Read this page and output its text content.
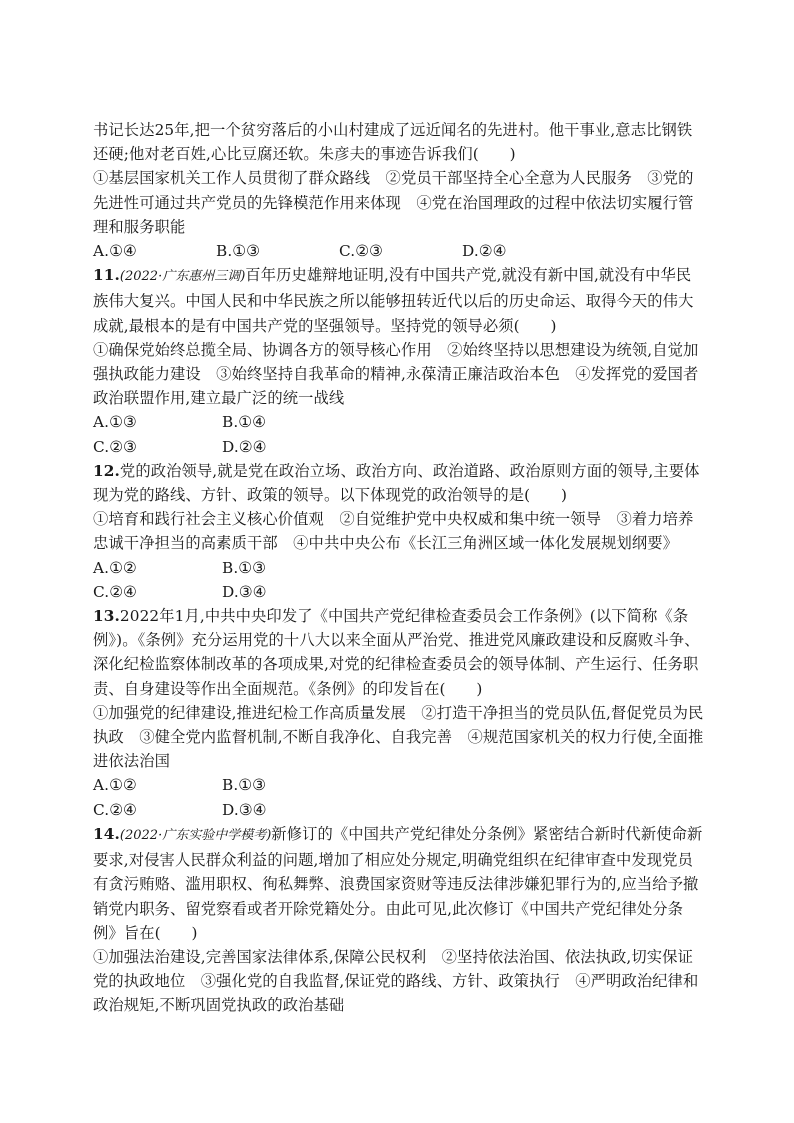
书记长达25年,把一个贫穷落后的小山村建成了远近闻名的先进村。他干事业,意志比钢铁还硬;他对老百姓,心比豆腐还软。朱彦夫的事迹告诉我们(　　)

①基层国家机关工作人员贯彻了群众路线　②党员干部坚持全心全意为人民服务　③党的先进性可通过共产党员的先锋模范作用来体现　④党在治国理政的过程中依法切实履行管理和服务职能

A.①④	B.①③	C.②③	D.②④

11.(2022·广东惠州三调)百年历史雄辩地证明,没有中国共产党,就没有新中国,就没有中华民族伟大复兴。中国人民和中华民族之所以能够扭转近代以后的历史命运、取得今天的伟大成就,最根本的是有中国共产党的坚强领导。坚持党的领导必须(　　)

①确保党始终总揽全局、协调各方的领导核心作用　②始终坚持以思想建设为统领,自觉加强执政能力建设　③始终坚持自我革命的精神,永葆清正廉洁政治本色　④发挥党的爱国者政治联盟作用,建立最广泛的统一战线

A.①③	B.①④
C.②③	D.②④

12.党的政治领导,就是党在政治立场、政治方向、政治道路、政治原则方面的领导,主要体现为党的路线、方针、政策的领导。以下体现党的政治领导的是(　　)

①培育和践行社会主义核心价值观　②自觉维护党中央权威和集中统一领导　③着力培养忠诚干净担当的高素质干部　④中共中央公布《长江三角洲区域一体化发展规划纲要》

A.①②	B.①③
C.②④	D.③④

13.2022年1月,中共中央印发了《中国共产党纪律检查委员会工作条例》(以下简称《条例》)。《条例》充分运用党的十八大以来全面从严治党、推进党风廉政建设和反腐败斗争、深化纪检监察体制改革的各项成果,对党的纪律检查委员会的领导体制、产生运行、任务职责、自身建设等作出全面规范。《条例》的印发旨在(　　)

①加强党的纪律建设,推进纪检工作高质量发展　②打造干净担当的党员队伍,督促党员为民执政　③健全党内监督机制,不断自我净化、自我完善　④规范国家机关的权力行使,全面推进依法治国

A.①②	B.①③
C.②④	D.③④

14.(2022·广东实验中学模考)新修订的《中国共产党纪律处分条例》紧密结合新时代新使命新要求,对侵害人民群众利益的问题,增加了相应处分规定,明确党组织在纪律审查中发现党员有贪污贿赂、滥用职权、徇私舞弊、浪费国家资财等违反法律涉嫌犯罪行为的,应当给予撤销党内职务、留党察看或者开除党籍处分。由此可见,此次修订《中国共产党纪律处分条例》旨在(　　)

①加强法治建设,完善国家法律体系,保障公民权利　②坚持依法治国、依法执政,切实保证党的执政地位　③强化党的自我监督,保证党的路线、方针、政策执行　④严明政治纪律和政治规矩,不断巩固党执政的政治基础
